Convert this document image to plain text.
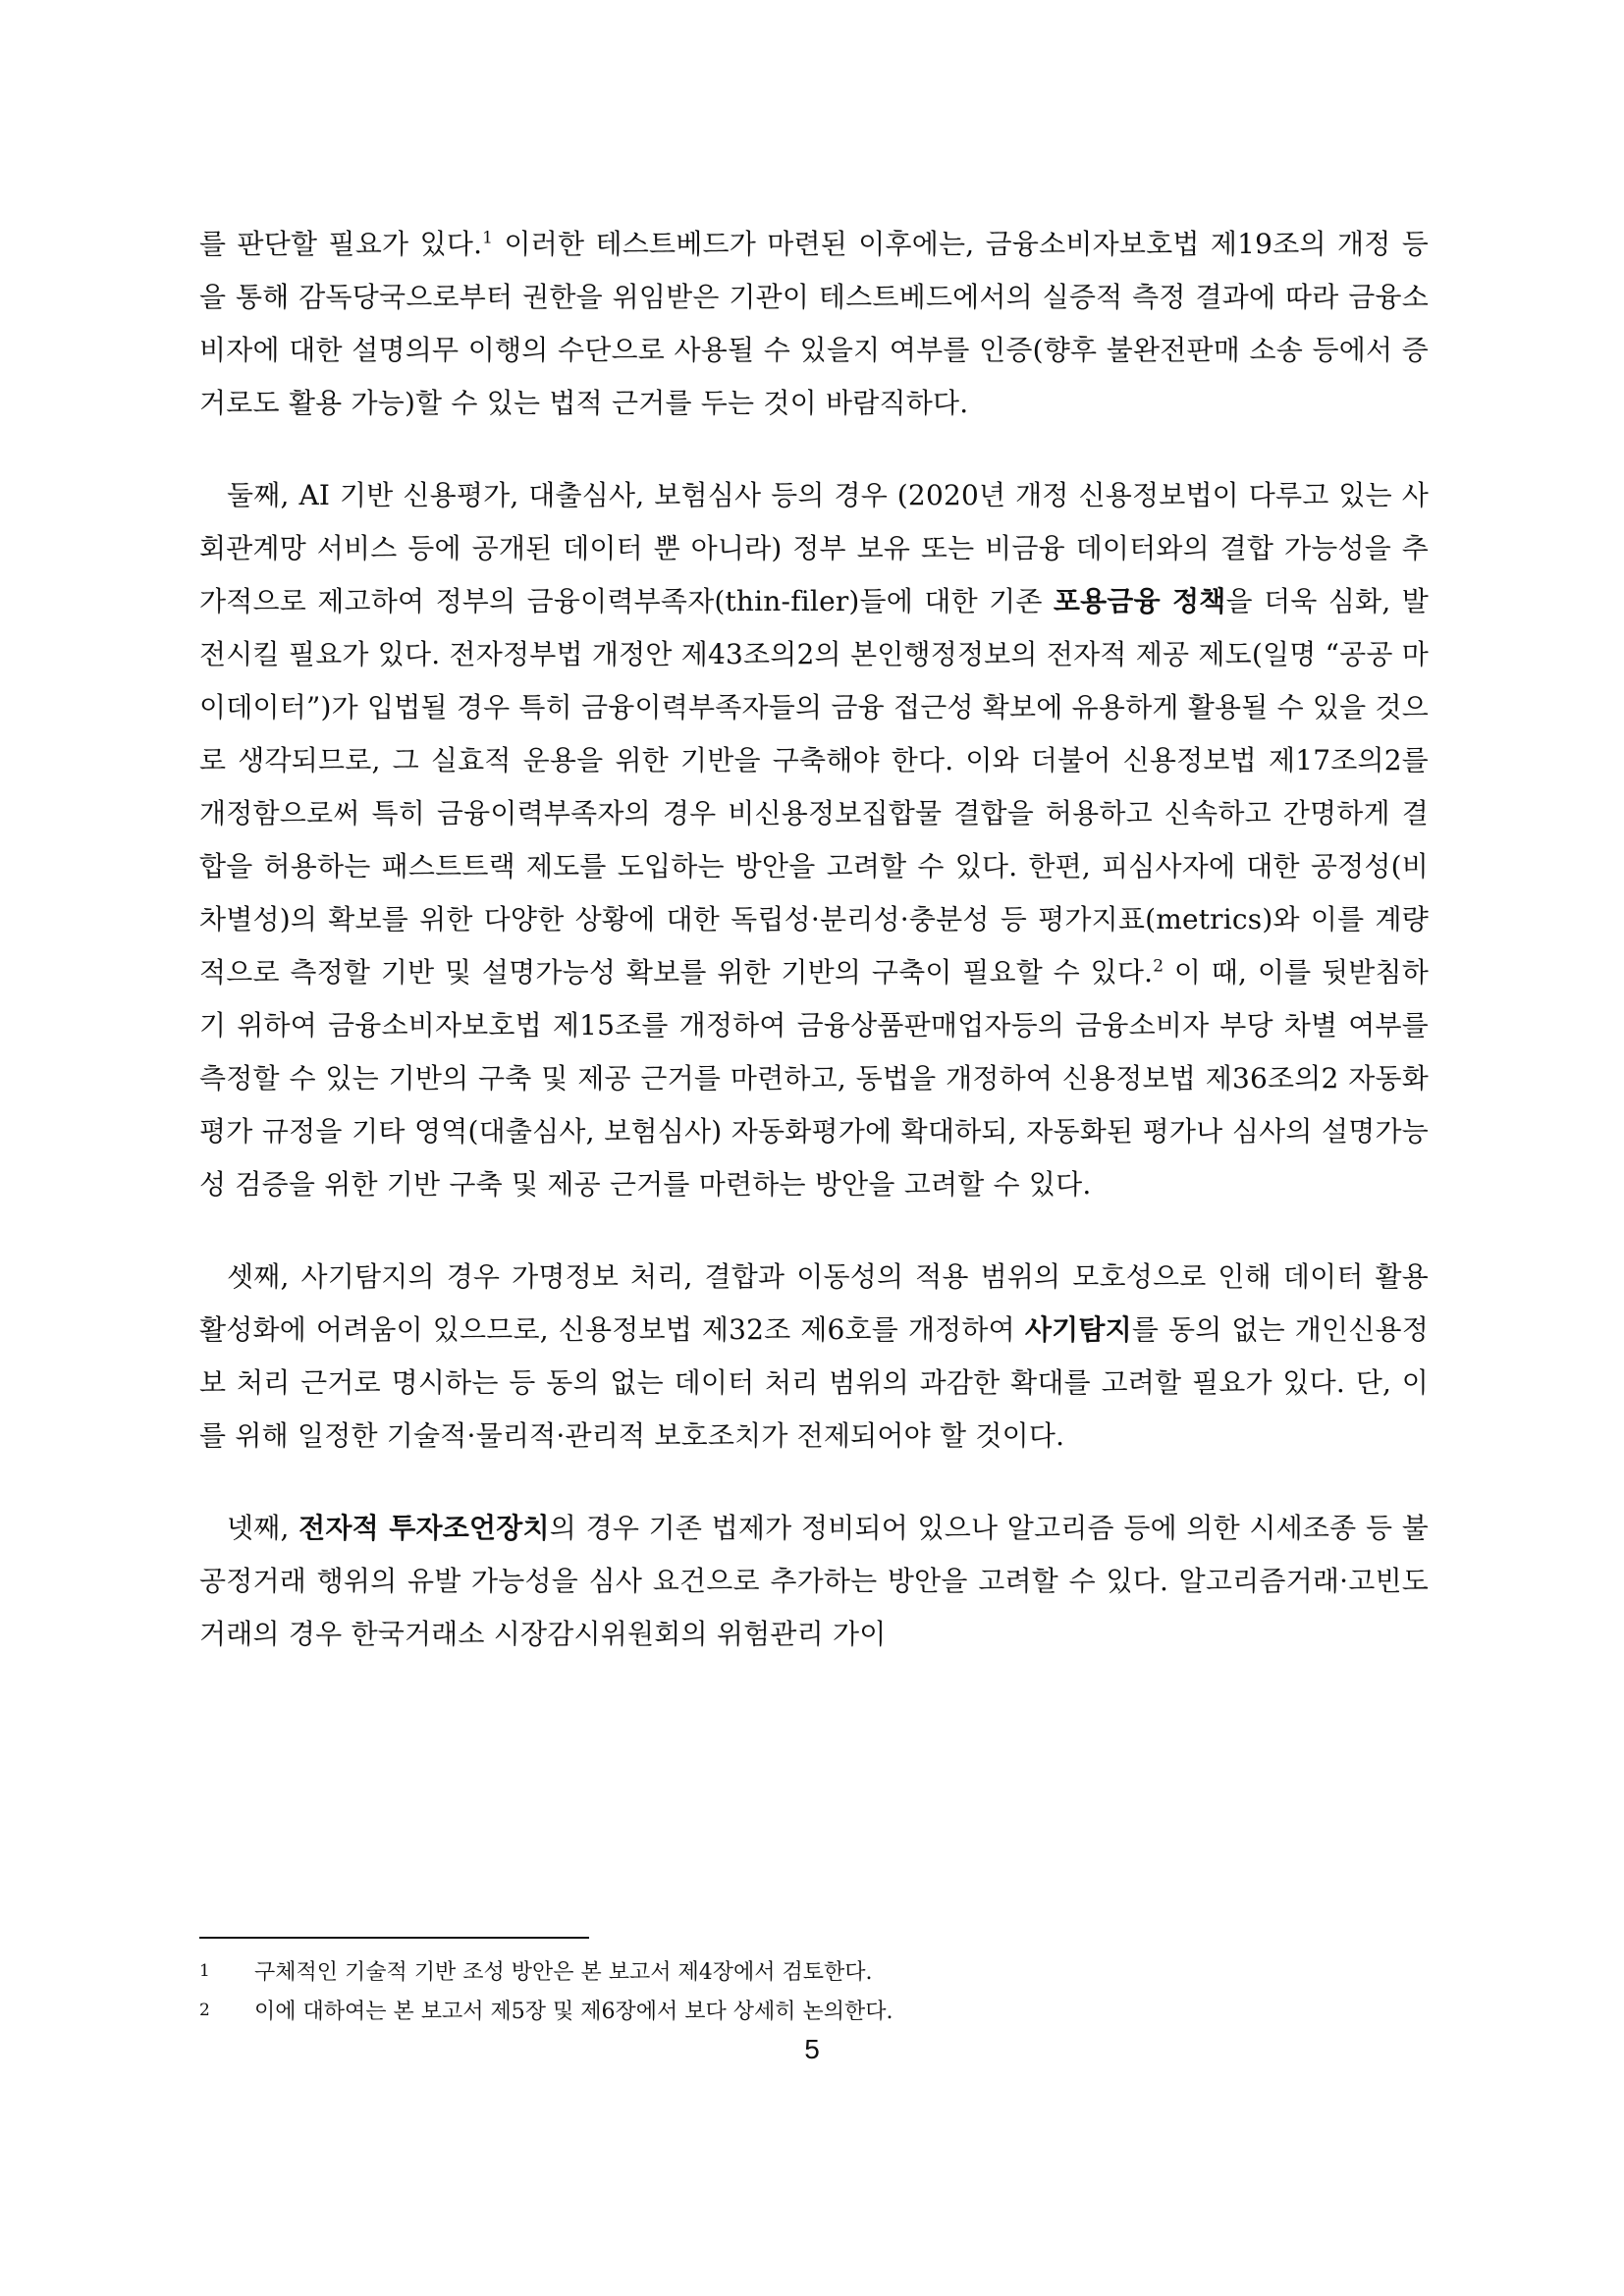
를 판단할 필요가 있다.$^1$ 이러한 테스트베드가 마련된 이후에는, 금융소비자보호법 제19조의 개정 등을 통해 감독당국으로부터 권한을 위임받은 기관이 테스트베드에서의 실증적 측정 결과에 따라 금융소비자에 대한 설명의무 이행의 수단으로 사용될 수 있을지 여부를 인증(향후 불완전판매 소송 등에서 증거로도 활용 가능)할 수 있는 법적 근거를 두는 것이 바람직하다.

둘째, AI 기반 신용평가, 대출심사, 보험심사 등의 경우 (2020년 개정 신용정보법이 다루고 있는 사회관계망 서비스 등에 공개된 데이터 뿐 아니라) 정부 보유 또는 비금융 데이터와의 결합 가능성을 추가적으로 제고하여 정부의 금융이력부족자(thin-filer)들에 대한 기존 포용금융 정책을 더욱 심화, 발전시킬 필요가 있다. 전자정부법 개정안 제43조의2의 본인행정정보의 전자적 제공 제도(일명 “공공 마이데이터”)가 입법될 경우 특히 금융이력부족자들의 금융 접근성 확보에 유용하게 활용될 수 있을 것으로 생각되므로, 그 실효적 운용을 위한 기반을 구축해야 한다. 이와 더불어 신용정보법 제17조의2를 개정함으로써 특히 금융이력부족자의 경우 비신용정보집합물 결합을 허용하고 신속하고 간명하게 결합을 허용하는 패스트트랙 제도를 도입하는 방안을 고려할 수 있다. 한편, 피심사자에 대한 공정성(비차별성)의 확보를 위한 다양한 상황에 대한 독립성·분리성·충분성 등 평가지표(metrics)와 이를 계량적으로 측정할 기반 및 설명가능성 확보를 위한 기반의 구축이 필요할 수 있다.$^2$ 이 때, 이를 뒷받침하기 위하여 금융소비자보호법 제15조를 개정하여 금융상품판매업자등의 금융소비자 부당 차별 여부를 측정할 수 있는 기반의 구축 및 제공 근거를 마련하고, 동법을 개정하여 신용정보법 제36조의2 자동화평가 규정을 기타 영역(대출심사, 보험심사) 자동화평가에 확대하되, 자동화된 평가나 심사의 설명가능성 검증을 위한 기반 구축 및 제공 근거를 마련하는 방안을 고려할 수 있다.

셋째, 사기탐지의 경우 가명정보 처리, 결합과 이동성의 적용 범위의 모호성으로 인해 데이터 활용 활성화에 어려움이 있으므로, 신용정보법 제32조 제6호를 개정하여 사기탐지를 동의 없는 개인신용정보 처리 근거로 명시하는 등 동의 없는 데이터 처리 범위의 과감한 확대를 고려할 필요가 있다. 단, 이를 위해 일정한 기술적·물리적·관리적 보호조치가 전제되어야 할 것이다.

넷째, 전자적 투자조언장치의 경우 기존 법제가 정비되어 있으나 알고리즘 등에 의한 시세조종 등 불공정거래 행위의 유발 가능성을 심사 요건으로 추가하는 방안을 고려할 수 있다. 알고리즘거래·고빈도거래의 경우 한국거래소 시장감시위원회의 위험관리 가이

1	구체적인 기술적 기반 조성 방안은 본 보고서 제4장에서 검토한다.
2	이에 대하여는 본 보고서 제5장 및 제6장에서 보다 상세히 논의한다.
5
